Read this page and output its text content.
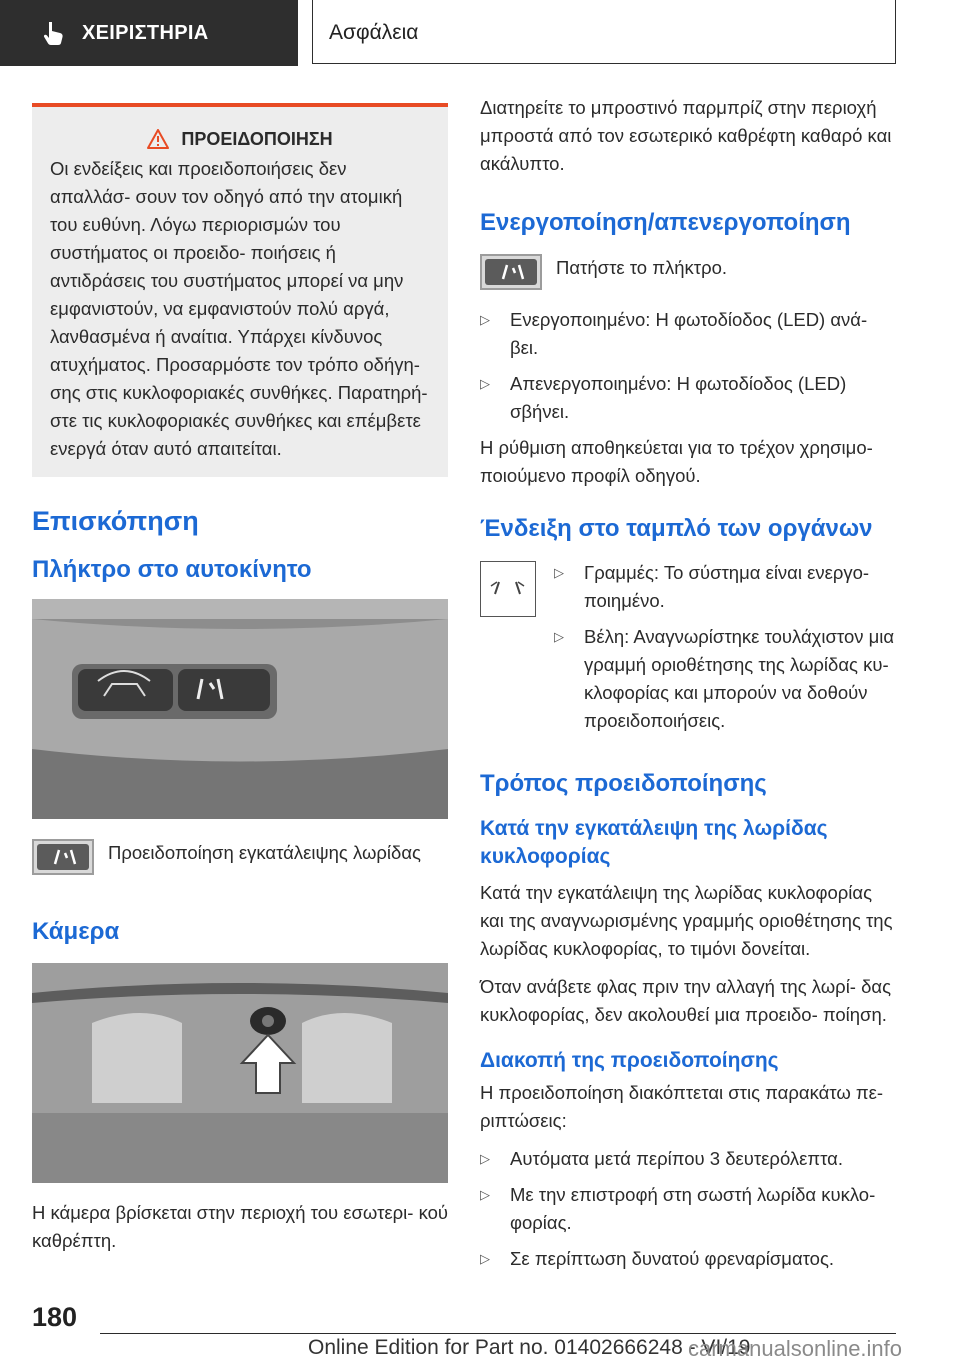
ΧΕΙΡΙΣΤΗΡΙΑ	Ασφάλεια
ΠΡΟΕΙΔΟΠΟΙΗΣΗ

Οι ενδείξεις και προειδοποιήσεις δεν απαλλάσ- σουν τον οδηγό από την ατομική του ευθύνη. Λόγω περιορισμών του συστήματος οι προειδο- ποιήσεις ή αντιδράσεις του συστήματος μπορεί να μην εμφανιστούν, να εμφανιστούν πολύ αργά, λανθασμένα ή αναίτια. Υπάρχει κίνδυνος ατυχήματος. Προσαρμόστε τον τρόπο οδήγη- σης στις κυκλοφοριακές συνθήκες. Παρατηρή- στε τις κυκλοφοριακές συνθήκες και επέμβετε ενεργά όταν αυτό απαιτείται.

Επισκόπηση
Πλήκτρο στο αυτοκίνητο
Προειδοποίηση εγκατάλειψης λωρίδας
Κάμερα

Η κάμερα βρίσκεται στην περιοχή του εσωτερι- κού καθρέπτη.

Διατηρείτε το μπροστινό παρμπρίζ στην περιοχή μπροστά από τον εσωτερικό καθρέφτη καθαρό και ακάλυπτο.

Ενεργοποίηση/απενεργοποίηση
Πατήστε το πλήκτρο.
▷ Ενεργοποιημένο: Η φωτοδίοδος (LED) ανά- βει.
▷ Απενεργοποιημένο: Η φωτοδίοδος (LED) σβήνει.

Η ρύθμιση αποθηκεύεται για το τρέχον χρησιμο- ποιούμενο προφίλ οδηγού.

Ένδειξη στο ταμπλό των οργάνων
▷ Γραμμές: Το σύστημα είναι ενεργο- ποιημένο.
▷ Βέλη: Αναγνωρίστηκε τουλάχιστον μια γραμμή οριοθέτησης της λωρίδας κυ- κλοφορίας και μπορούν να δοθούν προειδοποιήσεις.
Τρόπος προειδοποίησης
Κατά την εγκατάλειψη της λωρίδας κυκλοφορίας

Κατά την εγκατάλειψη της λωρίδας κυκλοφορίας και της αναγνωρισμένης γραμμής οριοθέτησης της λωρίδας κυκλοφορίας, το τιμόνι δονείται.

Όταν ανάβετε φλας πριν την αλλαγή της λωρί- δας κυκλοφορίας, δεν ακολουθεί μια προειδο- ποίηση.

Διακοπή της προειδοποίησης

Η προειδοποίηση διακόπτεται στις παρακάτω πε- ριπτώσεις:

▷ Αυτόματα μετά περίπου 3 δευτερόλεπτα.
▷ Με την επιστροφή στη σωστή λωρίδα κυκλο- φορίας.
▷ Σε περίπτωση δυνατού φρεναρίσματος.
180
Online Edition for Part no. 01402666248 - VI/19
carmanualsonline.info
